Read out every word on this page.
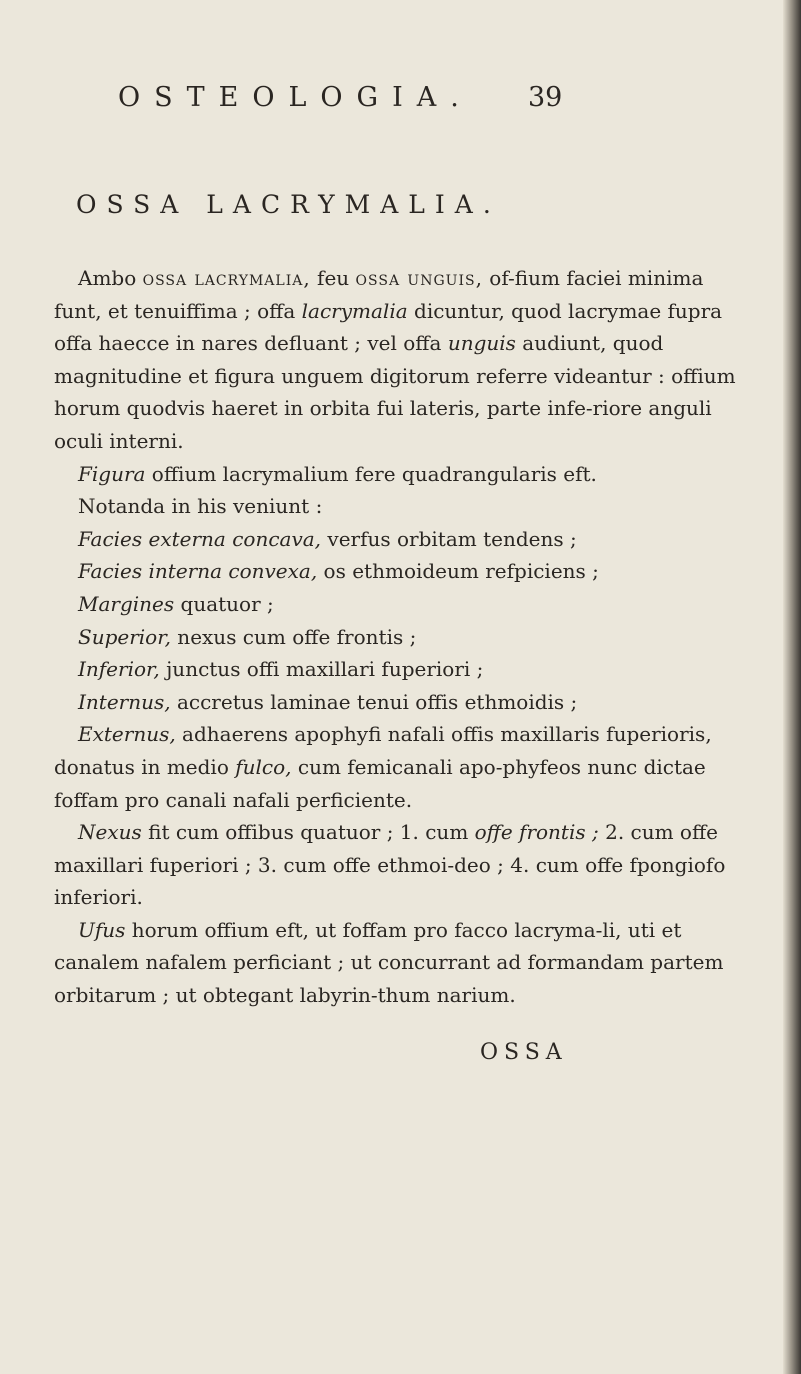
OSTEOLOGIA. 39
OSSA LACRYMALIA.

Ambo ossa lacrymalia, feu ossa unguis, of-fium faciei minima funt, et tenuiffima ; offa lacrymalia dicuntur, quod lacrymae fupra offa haecce in nares defluant ; vel offa unguis audiunt, quod magnitudine et figura unguem digitorum referre videantur : offium horum quodvis haeret in orbita fui lateris, parte infe-riore anguli oculi interni.

Figura offium lacrymalium fere quadrangularis eft.

Notanda in his veniunt :

Facies externa concava, verfus orbitam tendens ;

Facies interna convexa, os ethmoideum refpiciens ;

Margines quatuor ;

Superior, nexus cum offe frontis ;

Inferior, junctus offi maxillari fuperiori ;

Internus, accretus laminae tenui offis ethmoidis ;

Externus, adhaerens apophyfi nafali offis maxillaris fuperioris, donatus in medio fulco, cum femicanali apo-phyfeos nunc dictae foffam pro canali nafali perficiente.

Nexus fit cum offibus quatuor ; 1. cum offe frontis ; 2. cum offe maxillari fuperiori ; 3. cum offe ethmoi-deo ; 4. cum offe fpongiofo inferiori.

Ufus horum offium eft, ut foffam pro facco lacryma-li, uti et canalem nafalem perficiant ; ut concurrant ad formandam partem orbitarum ; ut obtegant labyrin-thum narium.

OSSA
